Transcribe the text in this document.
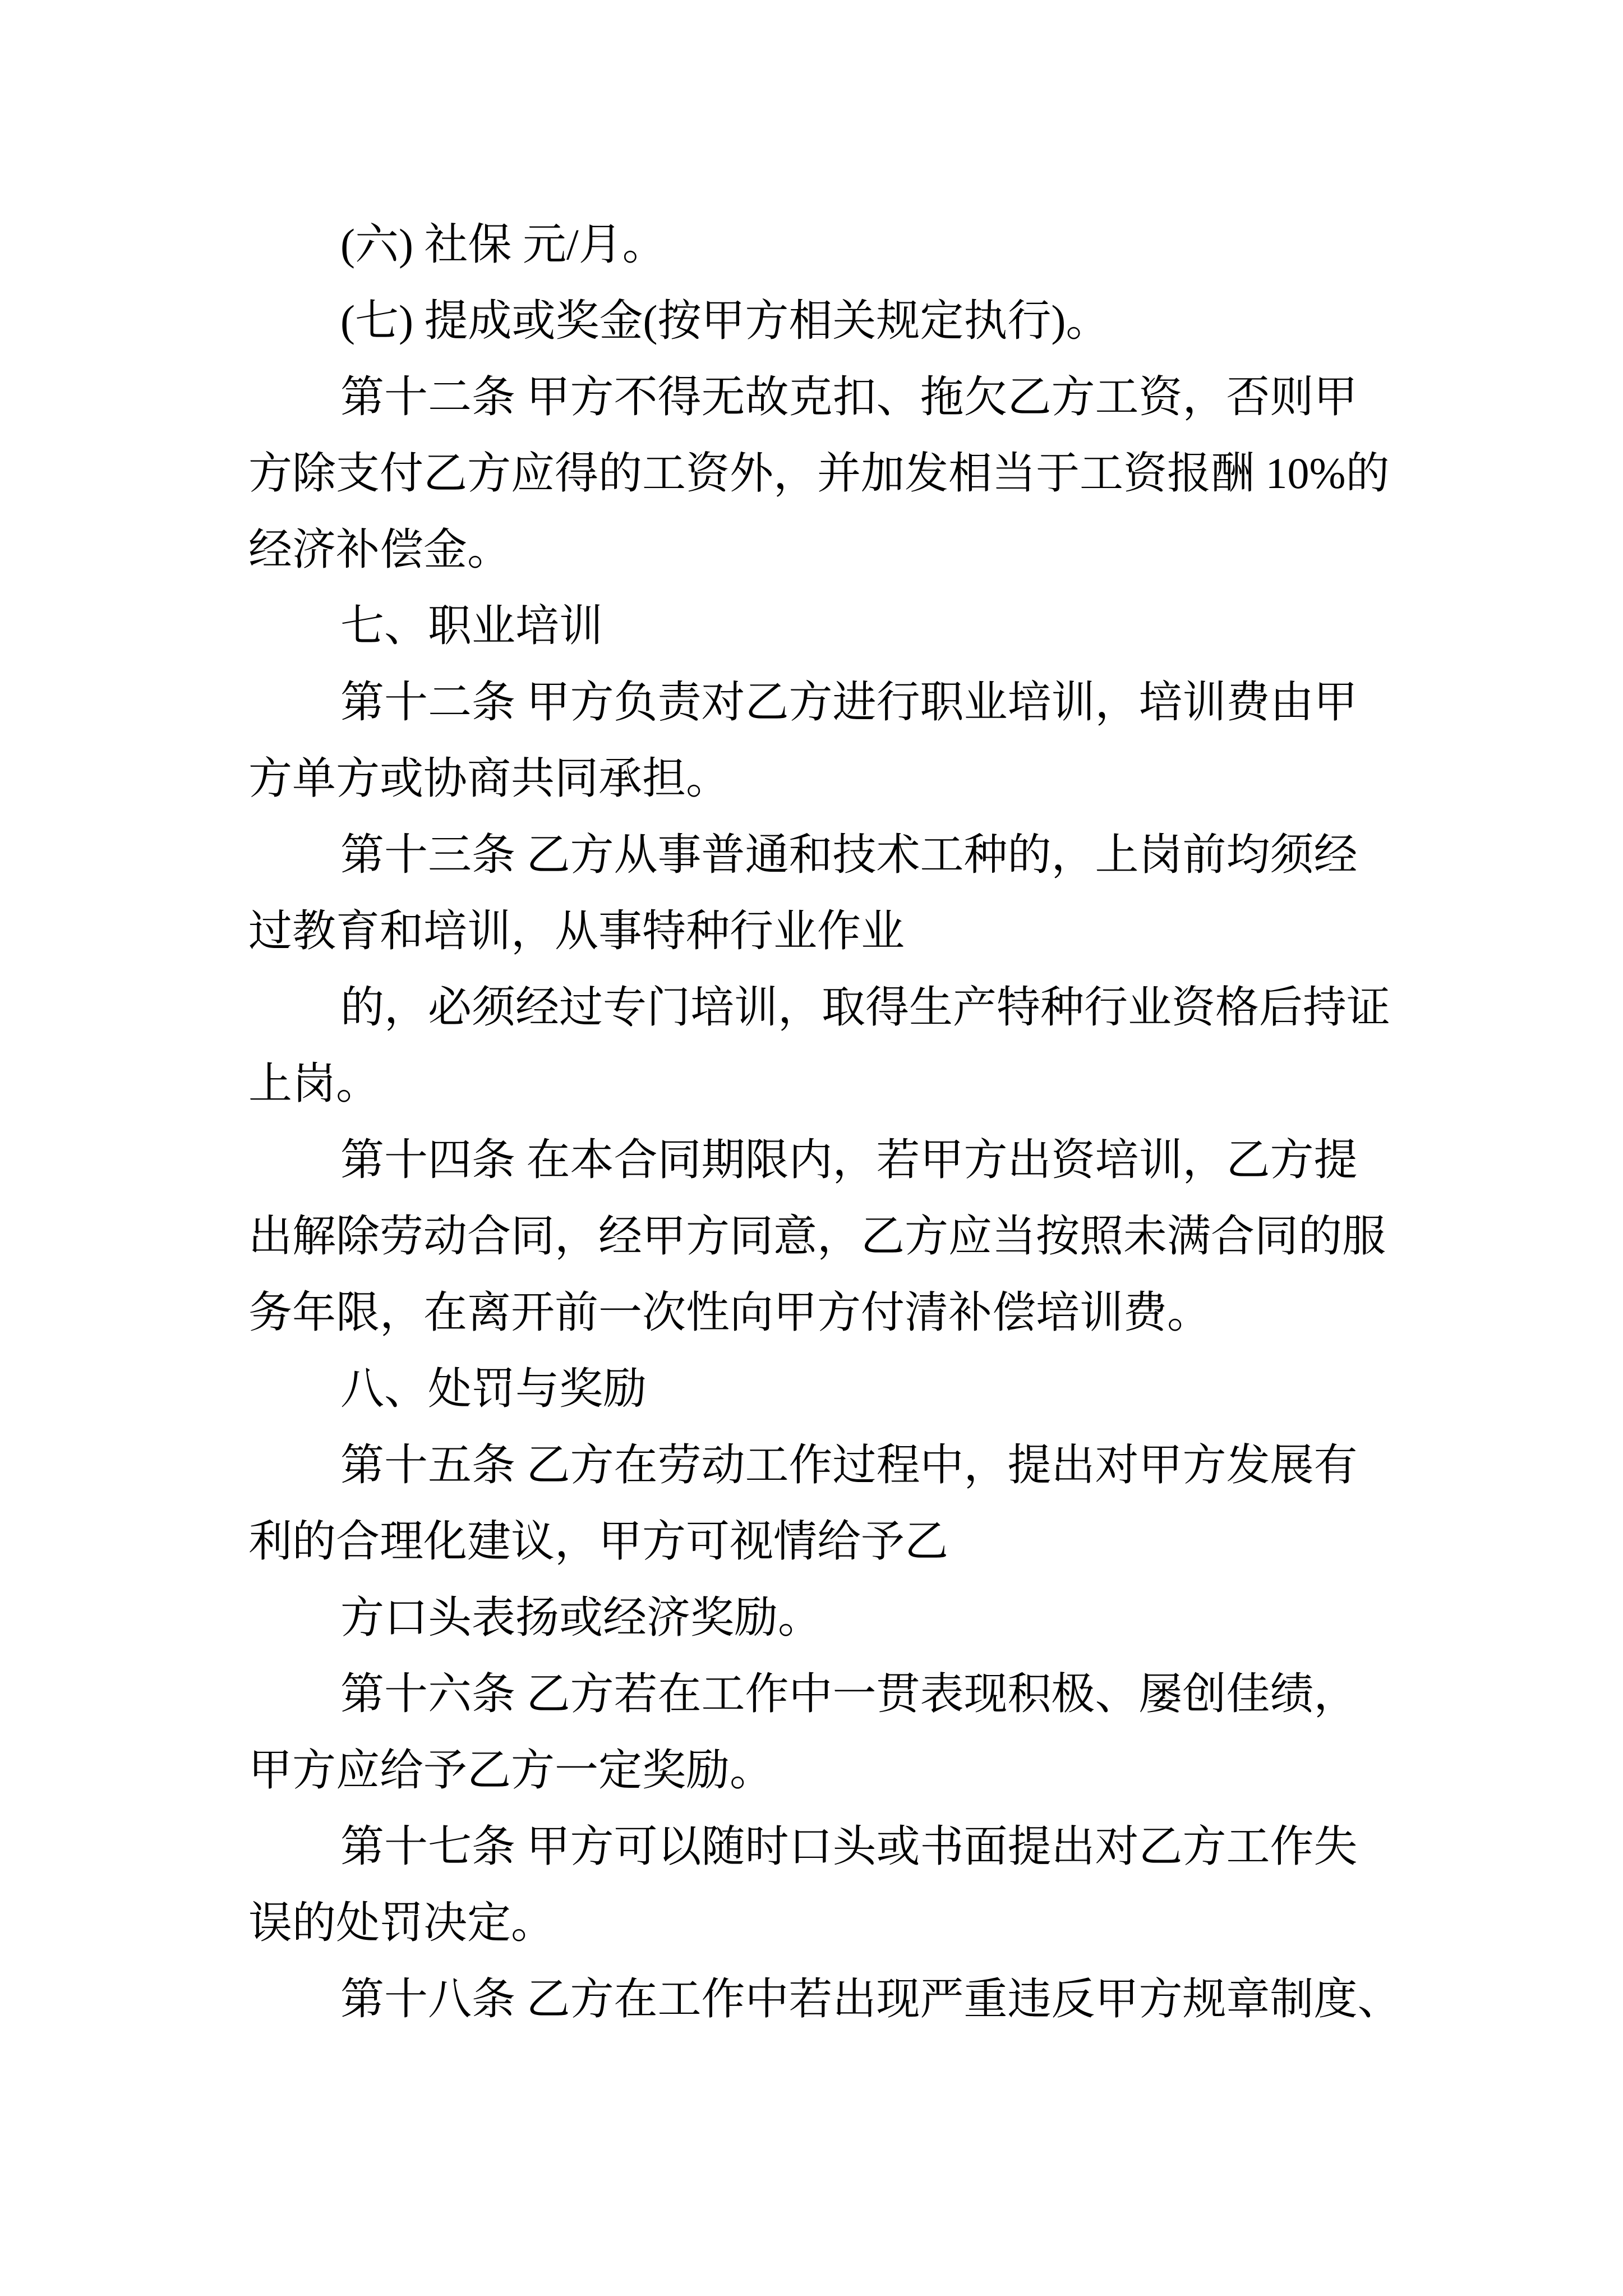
(六) 社保 元/月。
(七) 提成或奖金(按甲方相关规定执行)。
第十二条 甲方不得无故克扣、拖欠乙方工资，否则甲
方除支付乙方应得的工资外，并加发相当于工资报酬 10%的
经济补偿金。
七、职业培训
第十二条 甲方负责对乙方进行职业培训，培训费由甲
方单方或协商共同承担。
第十三条 乙方从事普通和技术工种的，上岗前均须经
过教育和培训，从事特种行业作业
的，必须经过专门培训，取得生产特种行业资格后持证
上岗。
第十四条 在本合同期限内，若甲方出资培训，乙方提
出解除劳动合同，经甲方同意，乙方应当按照未满合同的服
务年限，在离开前一次性向甲方付清补偿培训费。
八、处罚与奖励
第十五条 乙方在劳动工作过程中，提出对甲方发展有
利的合理化建议，甲方可视情给予乙
方口头表扬或经济奖励。
第十六条 乙方若在工作中一贯表现积极、屡创佳绩，
甲方应给予乙方一定奖励。
第十七条 甲方可以随时口头或书面提出对乙方工作失
误的处罚决定。
第十八条 乙方在工作中若出现严重违反甲方规章制度、
